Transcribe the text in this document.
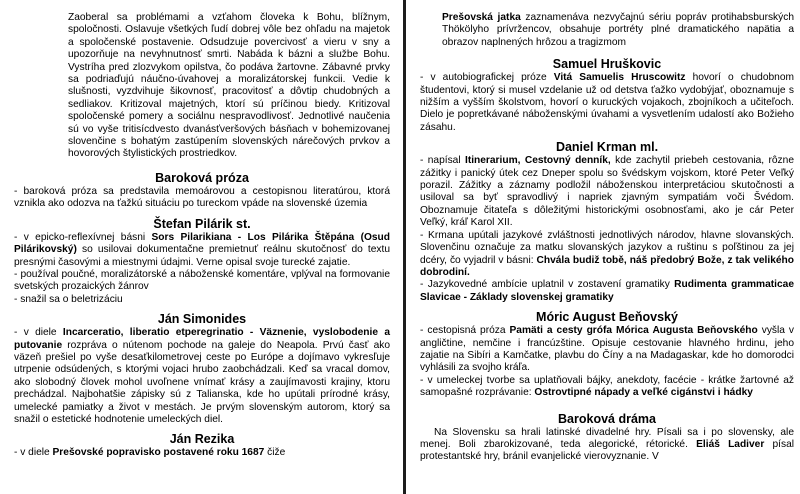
Zaoberal sa problémami a vzťahom človeka k Bohu, blížnym, spoločnosti. Oslavuje všetkých ľudí dobrej vôle bez ohľadu na majetok a spoločenské postavenie. Odsudzuje povercivosť a vieru v sny a upozorňuje na nevyhnutnosť smrti. Nabáda k bázni a službe Bohu. Vystríha pred zlozvykom opilstva, čo podáva žartovne. Zábavné prvky sa podriaďujú náučno-úvahovej a moralizátorskej funkcii. Vedie k slušnosti, vyzdvihuje šikovnosť, pracovitosť a dôvtip chudobných a sedliakov. Kritizoval majetných, ktorí sú príčinou biedy. Kritizoval spoločenské pomery a sociálnu nespravodlivosť. Jednotlivé naučenia sú vo vyše tritisícdvesto dvanásťveršových básňach v bohemizovanej slovenčine s bohatým zastúpením slovenských nárečových prvkov a hovorových štylistických prostriedkov.

Baroková próza

- baroková próza sa predstavila memoárovou a cestopisnou literatúrou, ktorá vznikla ako odozva na ťažkú situáciu po tureckom vpáde na slovenské územia

Štefan Pilárik st.

- v epicko-reflexívnej básni Sors Pilarikiana - Los Pilárika Štěpána (Osud Pilárikovský) so usilovai dokumentačne premietnuť reálnu skutočnosť do textu presnými časovými a miestnymi údajmi. Verne opisal svoje turecké zajatie.

- používal poučné, moralizátorské a náboženské komentáre, vplýval na formovanie svetských prozaických žánrov

- snažil sa o beletrizáciu

Ján Simonides

- v diele Incarceratio, liberatio etperegrinatio - Väznenie, vyslobodenie a putovanie rozpráva o nútenom pochode na galeje do Neapola. Prvú časť ako väzeň prešiel po vyše desaťkilometrovej ceste po Európe a dojímavo vykresľuje utrpenie odsúdených, s ktorými vojaci hrubo zaobchádzali. Keď sa vracal domov, ako slobodný človek mohol uvoľnene vnímať krásy a zaujímavosti krajiny, ktoru prechádzal. Najbohatšie zápisky sú z Talianska, kde ho upútali prírodné krásy, umelecké pamiatky a život v mestách. Je prvým slovenským autorom, ktorý sa snažil o estetické hodnotenie umeleckých diel.

Ján Rezika

- v diele Prešovské popravisko postavené roku 1687 čiže

Prešovská jatka zaznamenáva nezvyčajnú sériu popráv protihabsburských Thökölyho prívržencov, obsahuje portréty plné dramatického napätia a obrazov naplnených hrôzou a tragizmom

Samuel Hruškovic

- v autobiografickej próze Vitá Samuelis Hruscowitz hovorí o chudobnom študentovi, ktorý si musel vzdelanie už od detstva ťažko vydobýjať, oboznamuje s nižším a vyšším školstvom, hovorí o kuruckých vojakoch, zbojníkoch a učiteľoch. Dielo je popretkávané náboženskými úvahami a vysvetlením udalostí ako Božieho zásahu.

Daniel Krman ml.

- napísal Itinerarium, Cestovný denník, kde zachytil priebeh cestovania, rôzne zážitky i panický útek cez Dneper spolu so švédskym vojskom, ktoré Peter Veľký porazil. Zážitky a záznamy podložil náboženskou interpretáciou skutočnosti a usiloval sa byť spravodlivý i napriek zjavným sympatiám voči Švédom. Oboznamuje čitateľa s dôležitými historickými osobnosťami, ako je cár Peter Veľký, kráľ Karol XII.

- Krmana upútali jazykové zvláštnosti jednotlivých národov, hlavne slovanských. Slovenčinu označuje za matku slovanských jazykov a ruštinu s poľštinou za jej dcéry, čo vyjadril v básni: Chvála budiž tobě, náš předobrý Bože, z tak velikého dobrodiní.

- Jazykovedné ambície uplatnil v zostavení gramatiky Rudimenta grammaticae Slavicae - Základy slovenskej gramatiky

Móric August Beňovský

- cestopisná próza Pamäti a cesty gróf​a Mórica Augusta Beňovského vyšla v angličtine, nemčine i francúzštine. Opisuje cestovanie hlavného hrdinu, jeho zajatie na Sibíri a Kamčatke, plavbu do Číny a na Madagaskar, kde ho domorodci vyhlásili za svojho kráľa.

- v umeleckej tvorbe sa uplatňovali bájky, anekdoty, facécie - krátke žartovné až samopašné rozprávanie: Ostrovtipné nápady a veľké cigánstvi i hádky

Baroková dráma

Na Slovensku sa hrali latinské divadelné hry. Písali sa i po slovensky, ale menej. Boli zbarokizované, teda alegorické, rétorické. Eliáš Ladiver písal protestantské hry, bránil evanjelické vierovyznanie. V
